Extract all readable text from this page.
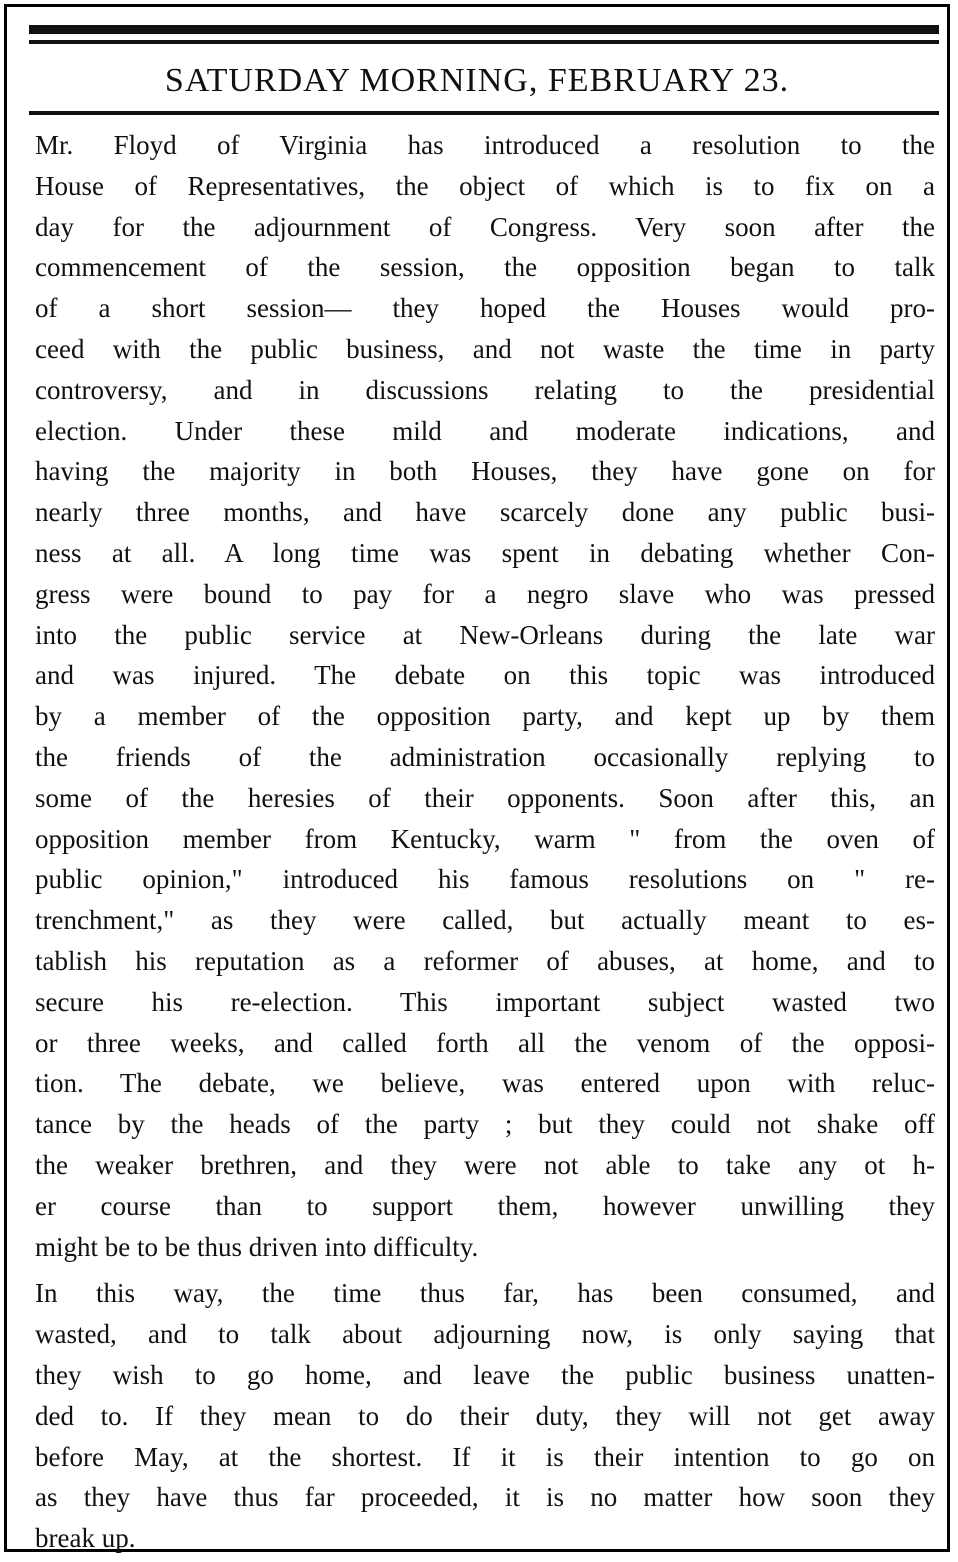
SATURDAY MORNING, FEBRUARY 23.
Mr. Floyd of Virginia has introduced a resolution to the
House of Representatives, the object of which is to fix on a
day for the adjournment of Congress. Very soon after the
commencement of the session, the opposition began to talk
of a short session— they hoped the Houses would pro-
ceed with the public business, and not waste the time in party
controversy, and in discussions relating to the presidential
election. Under these mild and moderate indications, and
having the majority in both Houses, they have gone on for
nearly three months, and have scarcely done any public busi-
ness at all. A long time was spent in debating whether Con-
gress were bound to pay for a negro slave who was pressed
into the public service at New-Orleans during the late war
and was injured. The debate on this topic was introduced
by a member of the opposition party, and kept up by them
the friends of the administration occasionally replying to
some of the heresies of their opponents. Soon after this, an
opposition member from Kentucky, warm " from the oven of
public opinion," introduced his famous resolutions on " re-
trenchment," as they were called, but actually meant to es-
tablish his reputation as a reformer of abuses, at home, and to
secure his re-election. This important subject wasted two
or three weeks, and called forth all the venom of the opposi-
tion. The debate, we believe, was entered upon with reluc-
tance by the heads of the party ; but they could not shake off
the weaker brethren, and they were not able to take any ot h-
er course than to support them, however unwilling they
might be to be thus driven into difficulty.
In this way, the time thus far, has been consumed, and
wasted, and to talk about adjourning now, is only saying that
they wish to go home, and leave the public business unatten-
ded to. If they mean to do their duty, they will not get away
before May, at the shortest. If it is their intention to go on
as they have thus far proceeded, it is no matter how soon they
break up.
